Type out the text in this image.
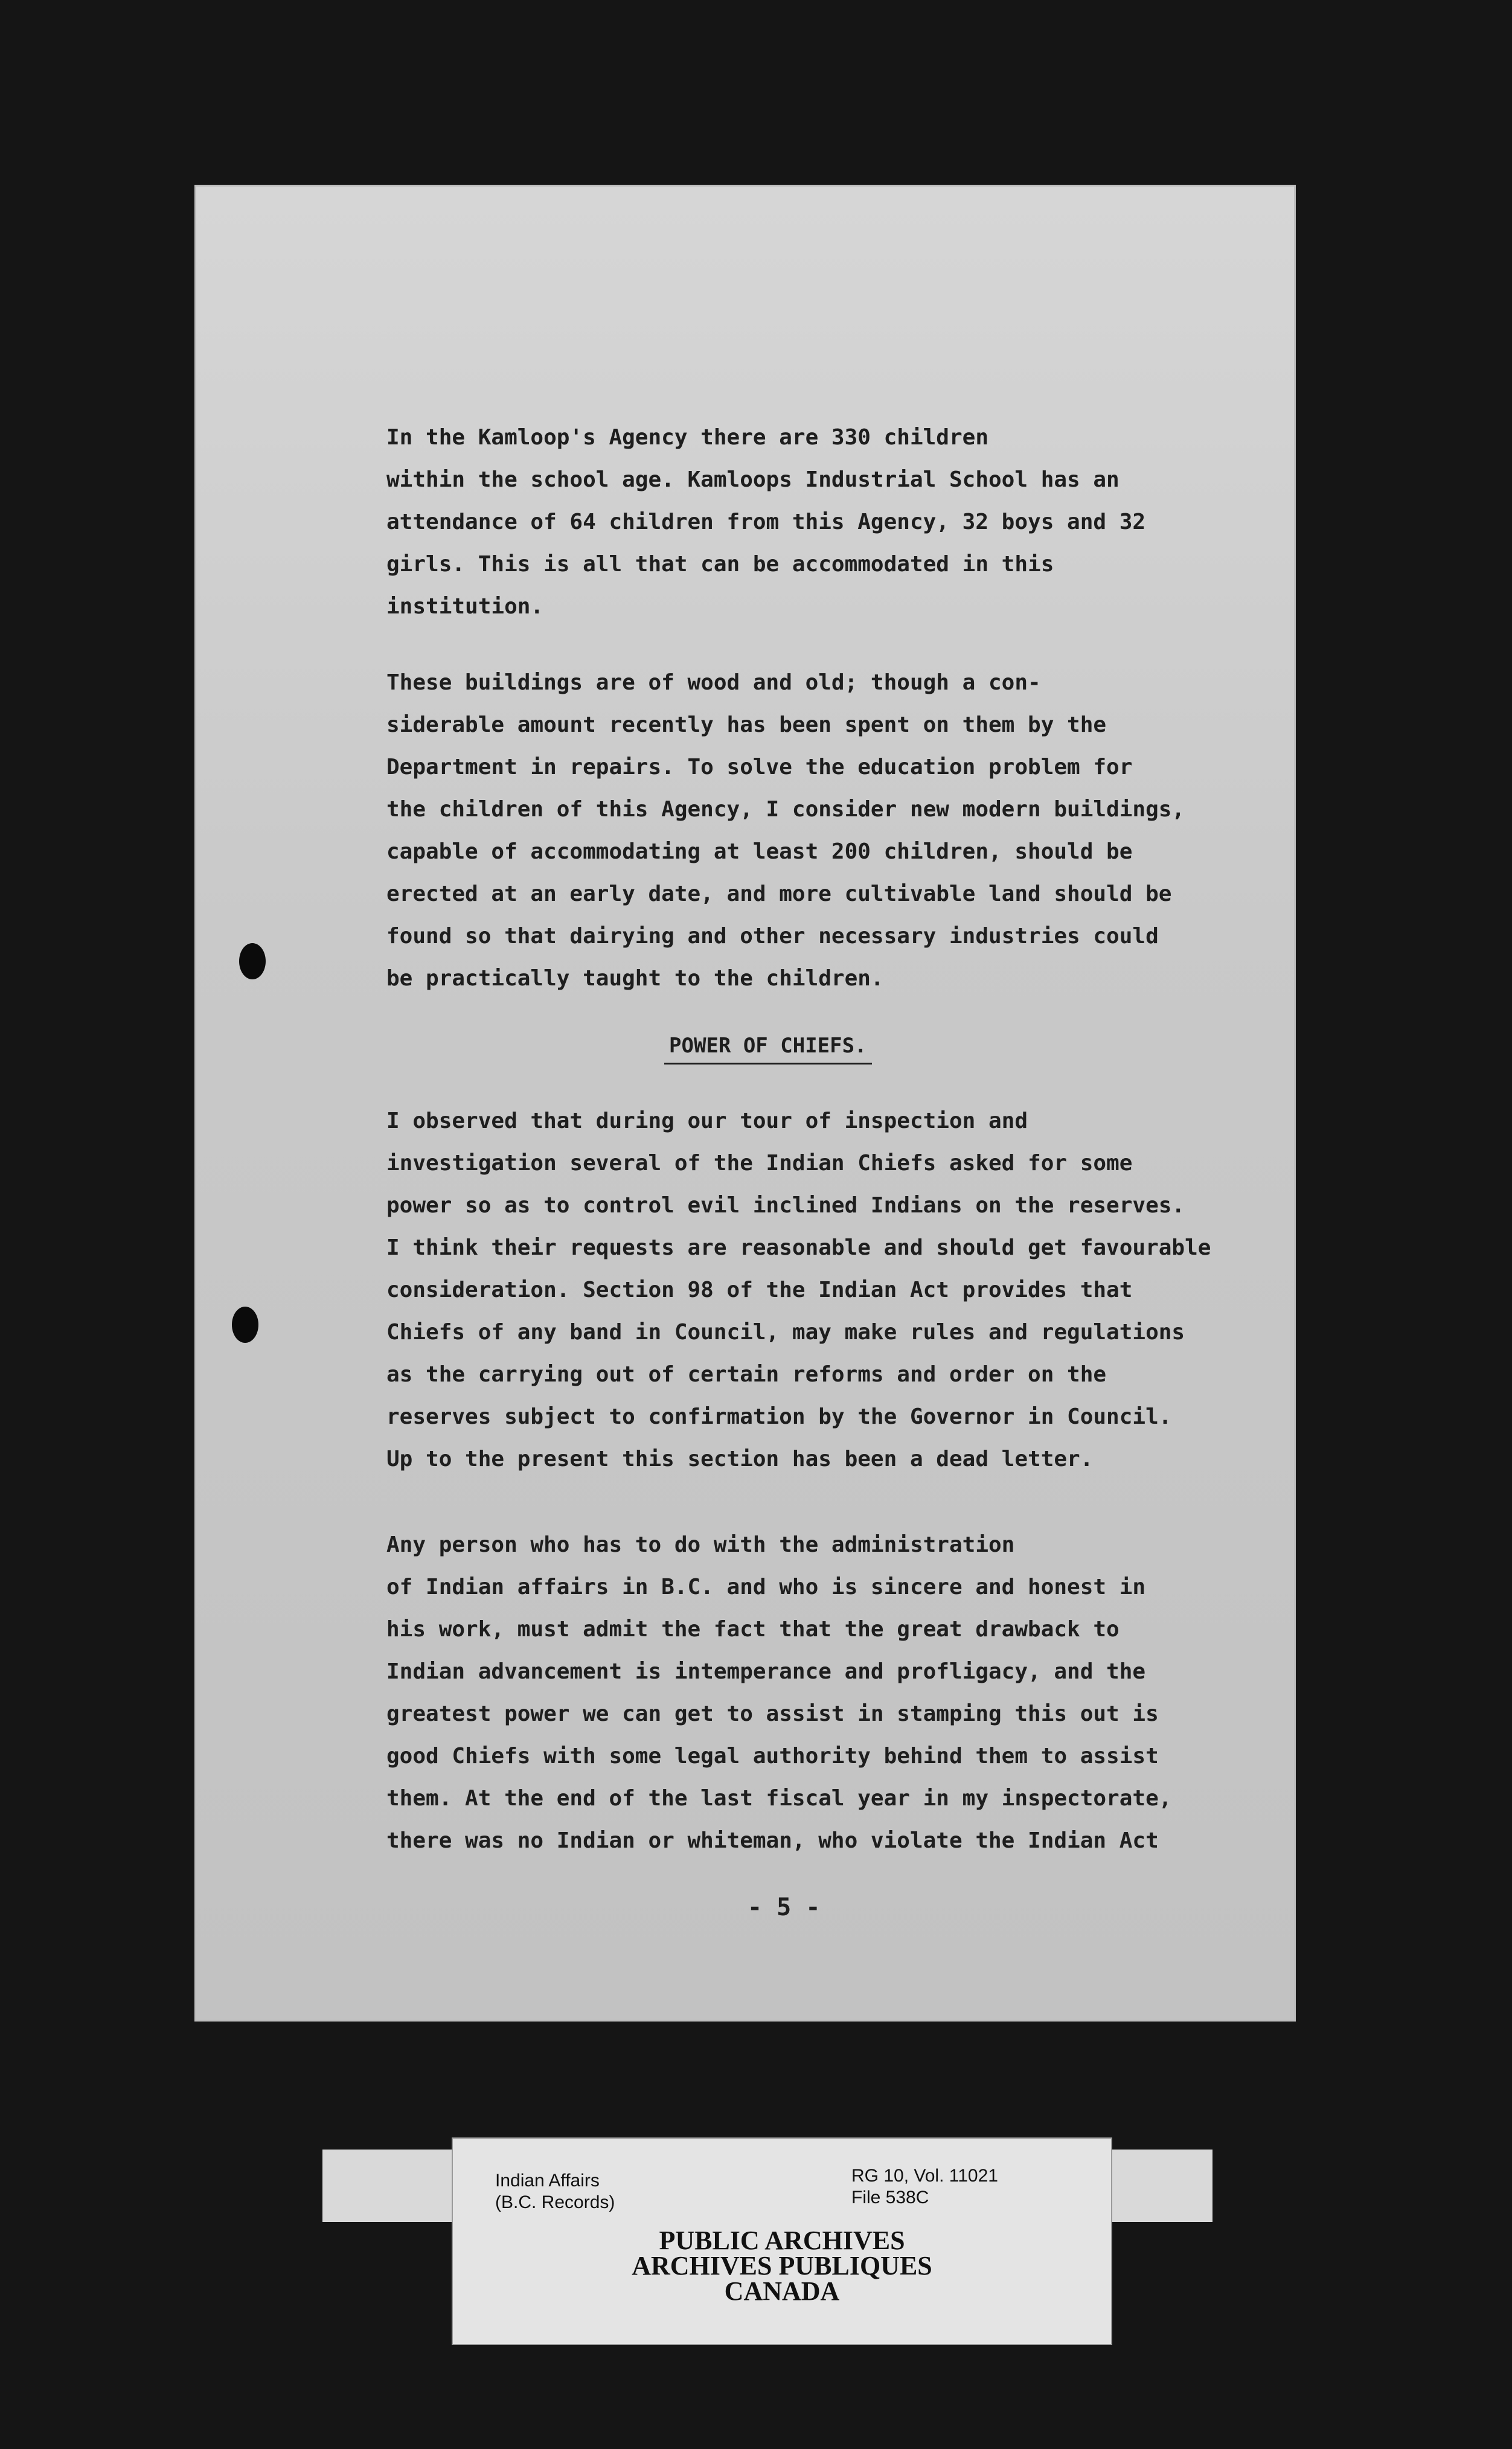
In the Kamloop's Agency there are 330 children
within the school age. Kamloops Industrial School has an
attendance of 64 children from this Agency, 32 boys and 32
girls. This is all that can be accommodated in this
institution.

These buildings are of wood and old; though a con-
siderable amount recently has been spent on them by the
Department in repairs. To solve the education problem for
the children of this Agency, I consider new modern buildings,
capable of accommodating at least 200 children, should be
erected at an early date, and more cultivable land should be
found so that dairying and other necessary industries could
be practically taught to the children.

POWER OF CHIEFS.

I observed that during our tour of inspection and
investigation several of the Indian Chiefs asked for some
power so as to control evil inclined Indians on the reserves.
I think their requests are reasonable and should get favourable
consideration. Section 98 of the Indian Act provides that
Chiefs of any band in Council, may make rules and regulations
as the carrying out of certain reforms and order on the
reserves subject to confirmation by the Governor in Council.
Up to the present this section has been a dead letter.

Any person who has to do with the administration
of Indian affairs in B.C. and who is sincere and honest in
his work, must admit the fact that the great drawback to
Indian advancement is intemperance and profligacy, and the
greatest power we can get to assist in stamping this out is
good Chiefs with some legal authority behind them to assist
them. At the end of the last fiscal year in my inspectorate,
there was no Indian or whiteman, who violate the Indian Act

- 5 -
Indian Affairs
(B.C. Records)
RG 10, Vol. 11021
File 538C
PUBLIC ARCHIVES
ARCHIVES PUBLIQUES
CANADA
